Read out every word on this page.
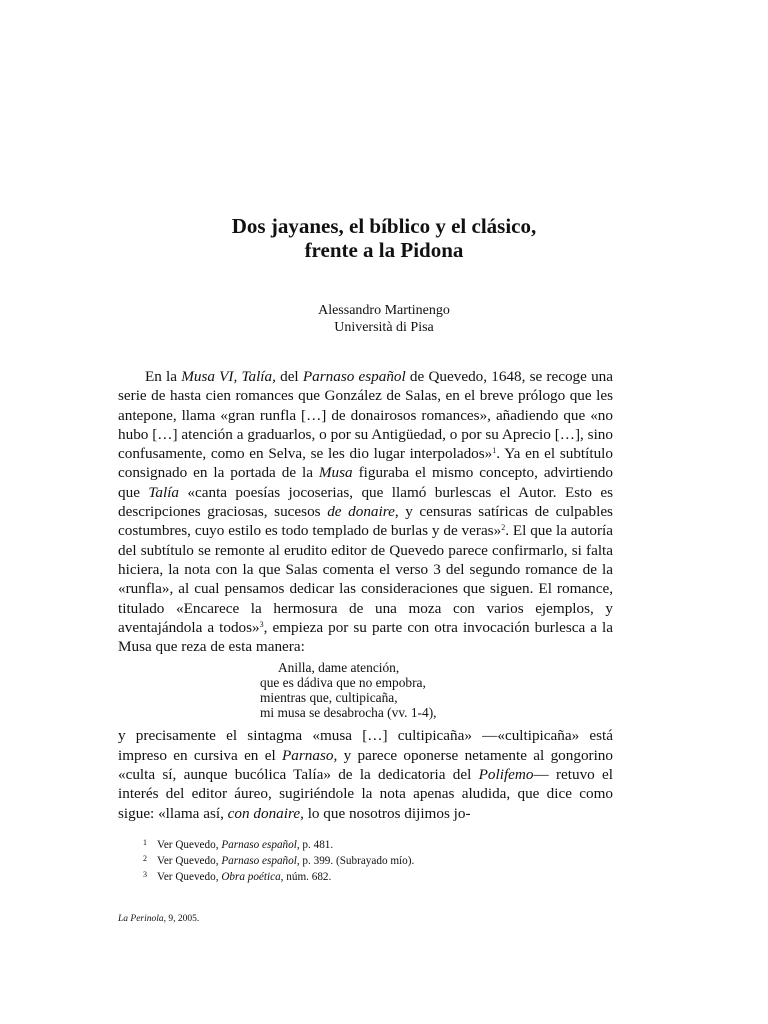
Dos jayanes, el bíblico y el clásico,
frente a la Pidona
Alessandro Martinengo
Università di Pisa

En la Musa VI, Talía, del Parnaso español de Quevedo, 1648, se recoge una serie de hasta cien romances que González de Salas, en el breve prólogo que les antepone, llama «gran runfla […] de donairosos romances», añadiendo que «no hubo […] atención a graduarlos, o por su Antigüedad, o por su Aprecio […], sino confusamente, como en Selva, se les dio lugar interpolados»$^1$. Ya en el subtítulo consignado en la portada de la Musa figuraba el mismo concepto, advirtiendo que Talía «canta poesías jocoserias, que llamó burlescas el Autor. Esto es descripciones graciosas, sucesos de donaire, y censuras satíricas de culpables costumbres, cuyo estilo es todo templado de burlas y de veras»$^2$. El que la autoría del subtítulo se remonte al erudito editor de Quevedo parece confirmarlo, si falta hiciera, la nota con la que Salas comenta el verso 3 del segundo romance de la «runfla», al cual pensamos dedicar las consideraciones que siguen. El romance, titulado «Encarece la hermosura de una moza con varios ejemplos, y aventajándola a todos»$^3$, empieza por su parte con otra invocación burlesca a la Musa que reza de esta manera:

Anilla, dame atención,
que es dádiva que no empobra,
mientras que, cultipicaña,
mi musa se desabrocha (vv. 1-4),

y precisamente el sintagma «musa […] cultipicaña» —«cultipicaña» está impreso en cursiva en el Parnaso, y parece oponerse netamente al gongorino «culta sí, aunque bucólica Talía» de la dedicatoria del Polifemo— retuvo el interés del editor áureo, sugiriéndole la nota apenas aludida, que dice como sigue: «llama así, con donaire, lo que nosotros dijimos jo-

1 Ver Quevedo, Parnaso español, p. 481.
2 Ver Quevedo, Parnaso español, p. 399. (Subrayado mío).
3 Ver Quevedo, Obra poética, núm. 682.
La Perinola, 9, 2005.
